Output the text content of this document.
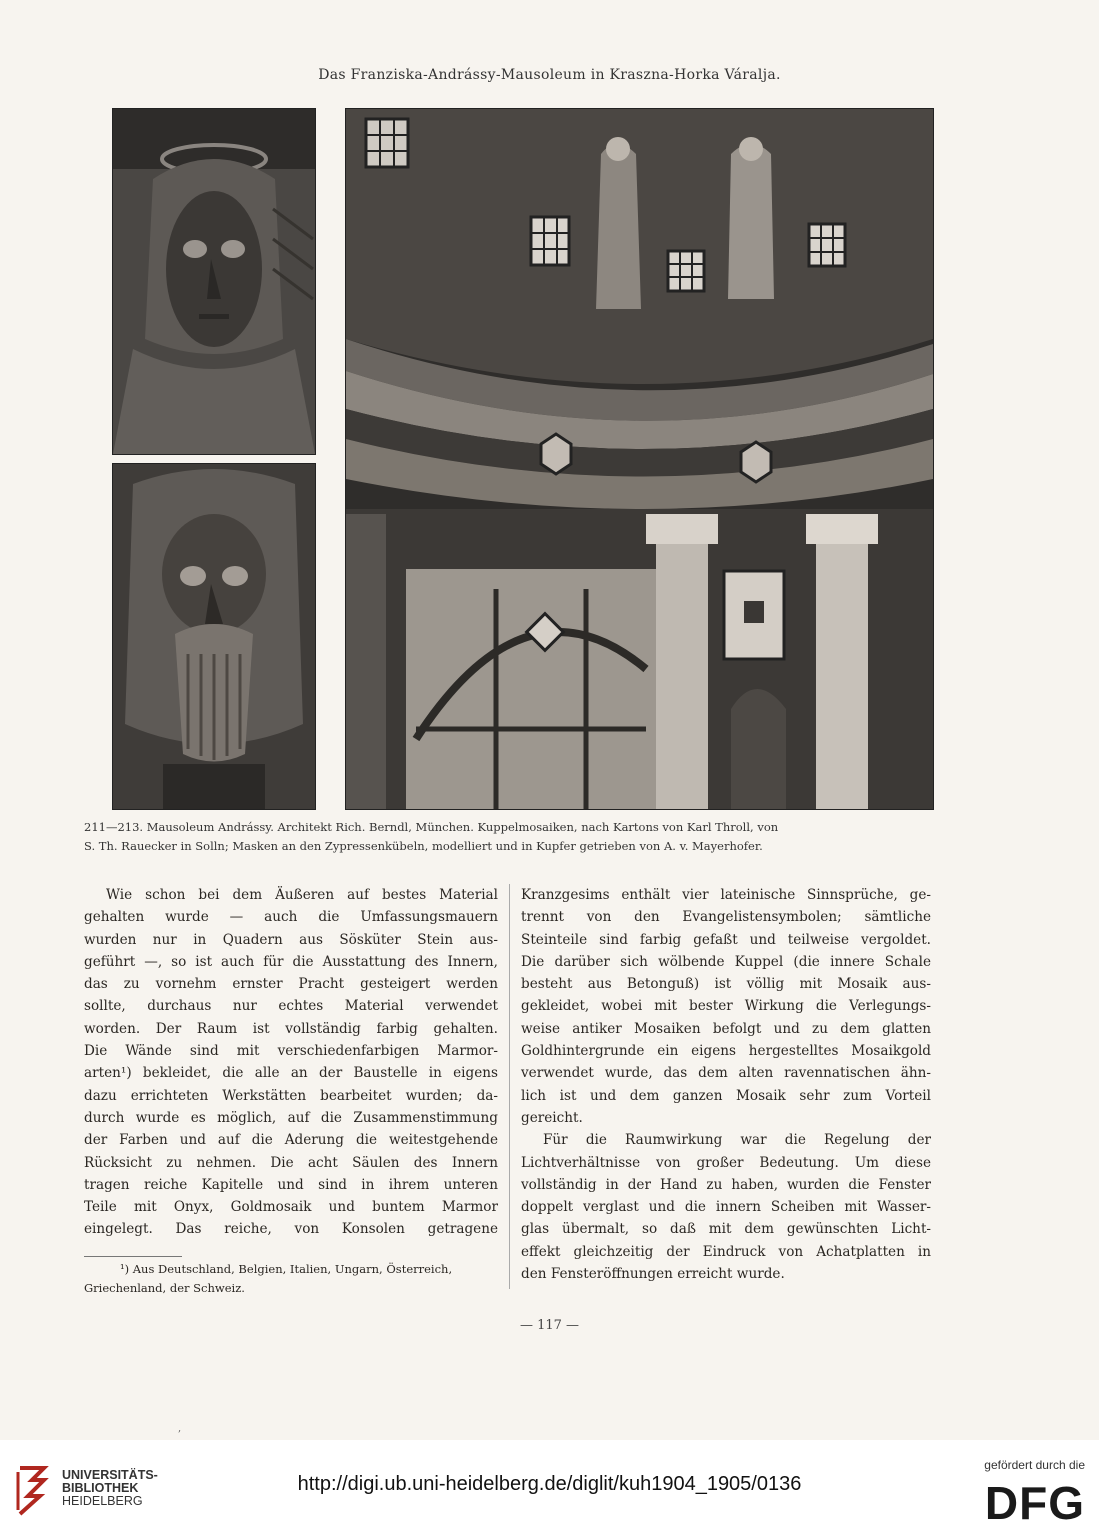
Das Franziska-Andrássy-Mausoleum in Kraszna-Horka Váralja.
211—213. Mausoleum Andrássy. Architekt Rich. Berndl, München. Kuppelmosaiken, nach Kartons von Karl Throll, von
S. Th. Rauecker in Solln; Masken an den Zypressenkübeln, modelliert und in Kupfer getrieben von A. v. Mayerhofer.
Wie schon bei dem Äußeren auf bestes Material
gehalten wurde — auch die Umfassungsmauern
wurden nur in Quadern aus Sösküter Stein aus-
geführt —, so ist auch für die Ausstattung des Innern,
das zu vornehm ernster Pracht gesteigert werden
sollte, durchaus nur echtes Material verwendet
worden. Der Raum ist vollständig farbig gehalten.
Die Wände sind mit verschiedenfarbigen Marmor-
arten¹) bekleidet, die alle an der Baustelle in eigens
dazu errichteten Werkstätten bearbeitet wurden; da-
durch wurde es möglich, auf die Zusammenstimmung
der Farben und auf die Aderung die weitestgehende
Rücksicht zu nehmen. Die acht Säulen des Innern
tragen reiche Kapitelle und sind in ihrem unteren
Teile mit Onyx, Goldmosaik und buntem Marmor
eingelegt. Das reiche, von Konsolen getragene
Kranzgesims enthält vier lateinische Sinnsprüche, ge-
trennt von den Evangelistensymbolen; sämtliche
Steinteile sind farbig gefaßt und teilweise vergoldet.
Die darüber sich wölbende Kuppel (die innere Schale
besteht aus Betonguß) ist völlig mit Mosaik aus-
gekleidet, wobei mit bester Wirkung die Verlegungs-
weise antiker Mosaiken befolgt und zu dem glatten
Goldhintergrunde ein eigens hergestelltes Mosaikgold
verwendet wurde, das dem alten ravennatischen ähn-
lich ist und dem ganzen Mosaik sehr zum Vorteil
gereicht.
Für die Raumwirkung war die Regelung der
Lichtverhältnisse von großer Bedeutung. Um diese
vollständig in der Hand zu haben, wurden die Fenster
doppelt verglast und die innern Scheiben mit Wasser-
glas übermalt, so daß mit dem gewünschten Licht-
effekt gleichzeitig der Eindruck von Achatplatten in
den Fensteröffnungen erreicht wurde.
¹) Aus Deutschland, Belgien, Italien, Ungarn, Österreich,
Griechenland, der Schweiz.
— 117 —
,
UNIVERSITÄTS-
BIBLIOTHEK
HEIDELBERG
http://digi.ub.uni-heidelberg.de/diglit/kuh1904_1905/0136
gefördert durch die
DFG
